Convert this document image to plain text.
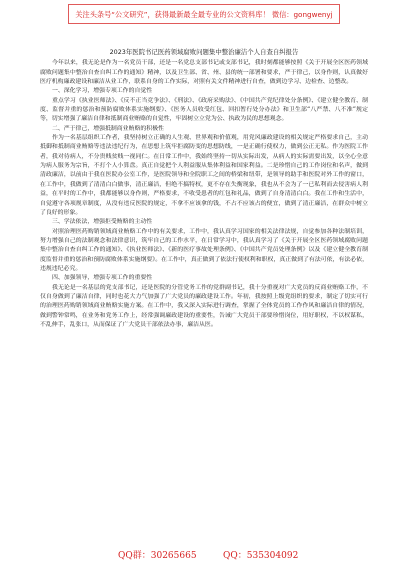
关注头条号“公文研究”，获得最新最全最专业的公文资料库！ 微信：gongwenyj
2023年医院书记医药领域腐败问题集中整治廉洁个人自查自纠报告

今年以来，我无论是作为一名党员干部，还是一名党总支部书记或支部书记，我时刻都能够按照《关于开展全区医药领域腐败问题集中整治自查自纠工作的通知》精神，以及卫生部、省、州、县的统一部署和要求，严于律己，以身作则，认真做好医疗机构廉政建设和廉洁从业工作，联系自身的工作实际，对照有关文件精神进行自查，做到边学习、边检查、边整改。

一、深化学习，增强专项工作的自觉性

重点学习《执业医师法》、《反不正当竞争法》、《刑法》、《政府采购法》、《中国共产党纪律处分条例》、《建立健全教育、制度、监督并重的惩治和预防腐败体系实施纲要》、《医务人员收受红包、回扣暂行处分办法》和卫生部“八严禁、八不准”规定等，切实增强了廉洁自律和抵制商业贿赂的自觉性，牢固树立立党为公、执政为民的思想观念。

二、严于律己，增强抵制商业贿赂的积极性

作为一名基层组织工作者，我坚持树立正确的人生观、世界观和价值观，用党风廉政建设的相关规定严格要求自己，主动抵御和抵制商业贿赂等违法违纪行为，在思想上筑牢拒腐防变的思想防线，一是正确行使权力，做到公正无私。作为医院工作者，我对待病人，不分贵贱贫贱一视同仁。在日常工作中，我始终坚持一切从实际出发，从病人的实际需要出发，以全心全意为病人服务为宗旨，不打个人小算盘。真正自觉把个人利益服从集体利益和国家利益。二是珍惜自己的工作岗位和名声，做到清政廉洁，以前由于我在医院办公室工作，是医院领导和全院职工之间的桥梁和纽带，是领导的助手和医院对外工作的窗口，在工作中，我做到了清清白白做事，清正廉洁，但绝不搞特权，更不存在失衡现象，我也从不会为了一已私利而去侵害病人利益，在平时的工作中，我都能够以身作则，严格要求，不收受患者的红包和礼品，做到了自身清清白白。我在工作和生活中，自觉遵守各项规章制度，从没有违反医院的规定，不拿不应该拿的钱，不占不应该占的便宜，做到了清正廉洁，在群众中树立了良好的形象。

三、学法依法，增强拒受贿赂的主动性

对照治理医药购销领域商业贿赂工作中的有关要求，工作中，我认真学习国家的相关法律法规，自觉参加各种法制培训，努力增强自己的法制观念和法律意识，筑牢自己的工作水平，在日常学习中，我认真学习了《关于开展全区医药领域腐败问题集中整治自查自纠工作的通知》、《执业医师法》、《新的医疗事故处理条例》、《中国共产党员处理条例》以及《建立健全教育制度监督并重的惩治和预防腐败体系实施纲要》。在工作中，真正做到了依法行使权利和职权，真正做到了有法可依，有法必依，违规违纪必究。

四、加强领导，增强专项工作的重要性

我无论是一名基层的党支部书记，还是医院的分管党务工作的党群副书记，我十分重视对广大党员的反商业贿赂工作，不仅自身做到了廉洁自律，同时也花大力气加强了广大党员的廉政建设工作。年初，我按照上级党组织的要求，制定了切实可行的治理医药购销领域商业贿赂实施方案。在工作中，我又深入实际进行调查，掌握了全体党员的工作作风和廉洁自律的情况，做到警钟常鸣，在业务和党务工作上，经常强调廉政建设的重要性，告诫广大党员干部要珍惜岗位，用好职权，不以权谋私，不乱伸手，乱张口，从而保证了广大党员干部依法办事，廉洁从医。

QQ群：30265665	QQ：535304092
